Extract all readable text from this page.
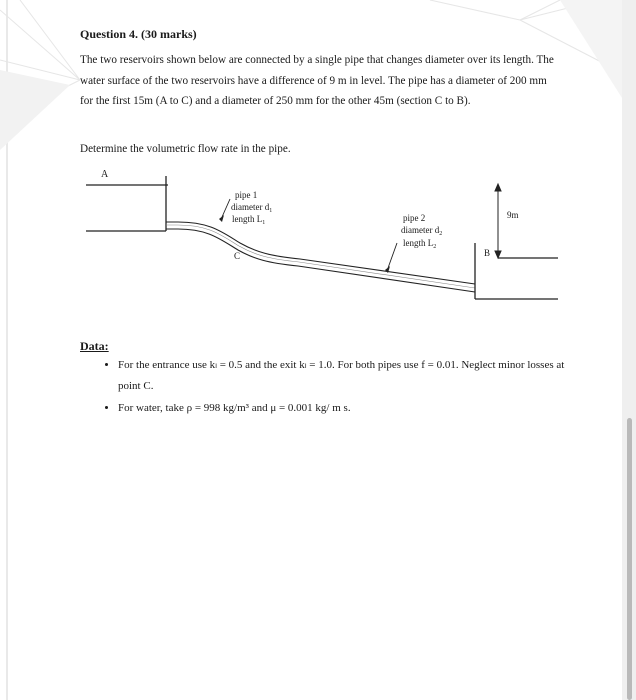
Question 4. (30 marks)

The two reservoirs shown below are connected by a single pipe that changes diameter over its length. The water surface of the two reservoirs have a difference of 9 m in level. The pipe has a diameter of 200 mm for the first 15m (A to C) and a diameter of 250 mm for the other 45m (section C to B).

Determine the volumetric flow rate in the pipe.

A
B
C
9m
pipe 1
diameter $d_1$
length $L_1$	pipe 2
diameter $d_2$
length $L_2$
Data:
• For the entrance use kₗ = 0.5 and the exit kₗ = 1.0. For both pipes use f = 0.01. Neglect minor losses at point C.
• For water, take ρ = 998 kg/m³ and μ = 0.001 kg/ m s.
